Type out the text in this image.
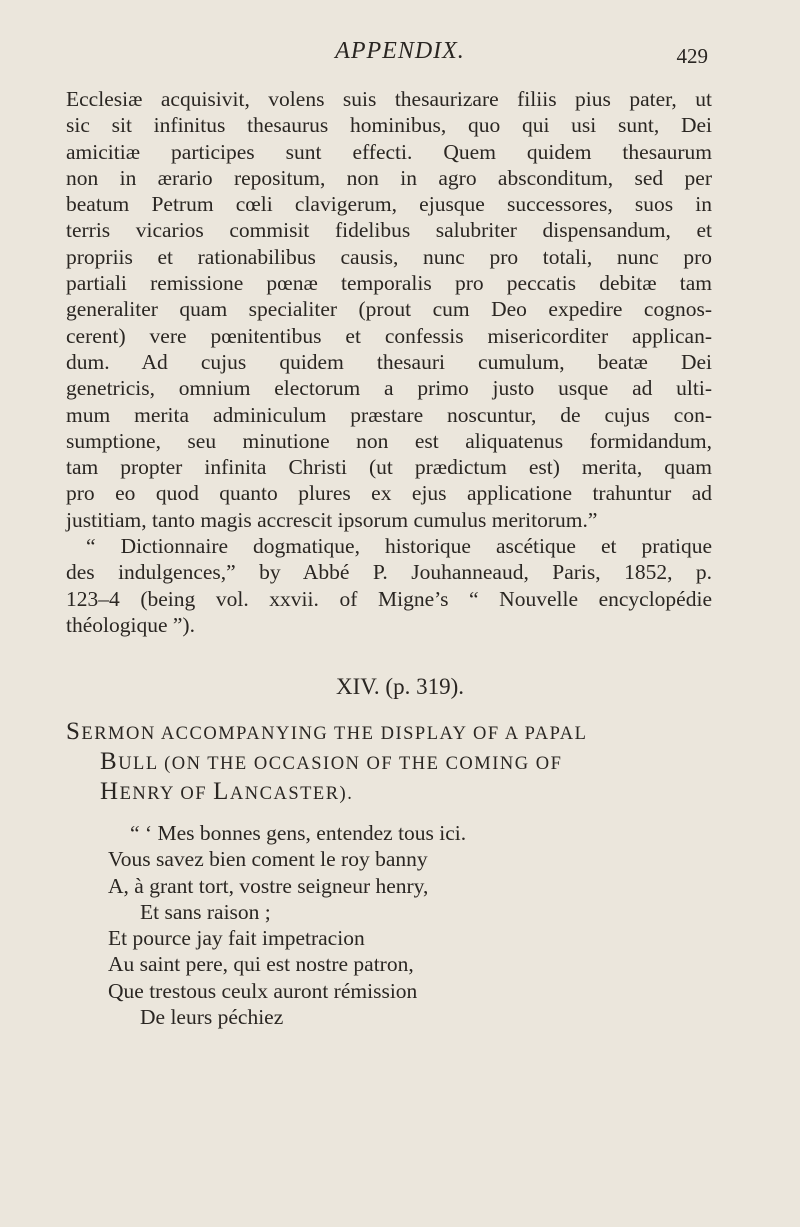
APPENDIX.	429
Ecclesiæ acquisivit, volens suis thesaurizare filiis pius pater, ut
sic sit infinitus thesaurus hominibus, quo qui usi sunt, Dei
amicitiæ participes sunt effecti. Quem quidem thesaurum
non in ærario repositum, non in agro absconditum, sed per
beatum Petrum cœli clavigerum, ejusque successores, suos in
terris vicarios commisit fidelibus salubriter dispensandum, et
propriis et rationabilibus causis, nunc pro totali, nunc pro
partiali remissione pœnæ temporalis pro peccatis debitæ tam
generaliter quam specialiter (prout cum Deo expedire cognos-
cerent) vere pœnitentibus et confessis misericorditer applican-
dum. Ad cujus quidem thesauri cumulum, beatæ Dei
genetricis, omnium electorum a primo justo usque ad ulti-
mum merita adminiculum præstare noscuntur, de cujus con-
sumptione, seu minutione non est aliquatenus formidandum,
tam propter infinita Christi (ut prædictum est) merita, quam
pro eo quod quanto plures ex ejus applicatione trahuntur ad
justitiam, tanto magis accrescit ipsorum cumulus meritorum.”
“ Dictionnaire dogmatique, historique ascétique et pratique
des indulgences,” by Abbé P. Jouhanneaud, Paris, 1852, p.
123–4 (being vol. xxvii. of Migne’s “ Nouvelle encyclopédie
théologique ”).
XIV. (p. 319).
SERMON ACCOMPANYING THE DISPLAY OF A PAPAL
BULL (ON THE OCCASION OF THE COMING OF
HENRY OF LANCASTER).
“ ‘ Mes bonnes gens, entendez tous ici.
Vous savez bien coment le roy banny
A, à grant tort, vostre seigneur henry,
Et sans raison ;
Et pource jay fait impetracion
Au saint pere, qui est nostre patron,
Que trestous ceulx auront rémission
De leurs péchiez
